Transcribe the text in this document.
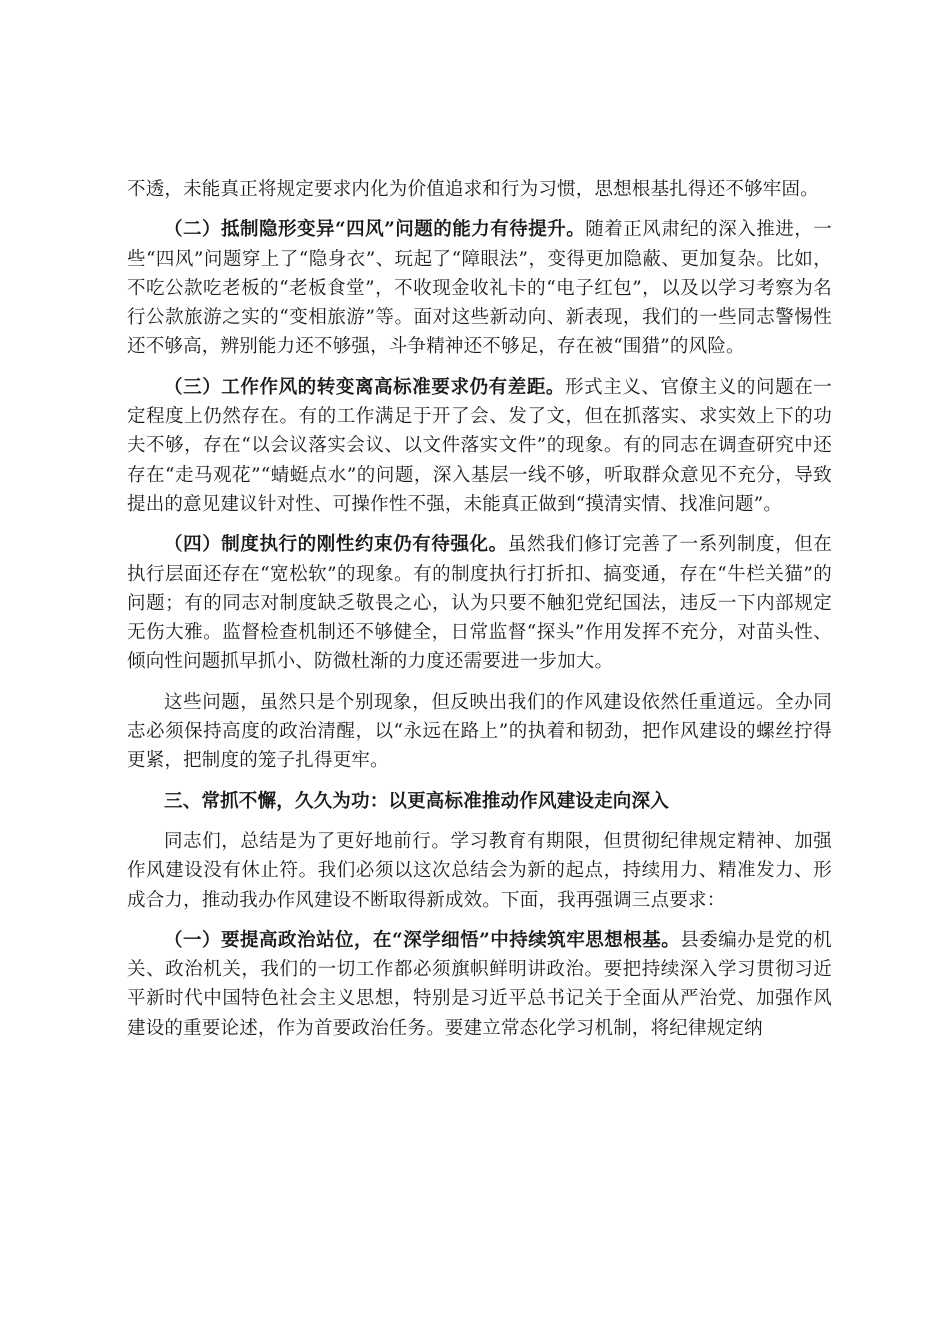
不透，未能真正将规定要求内化为价值追求和行为习惯，思想根基扎得还不够牢固。

（二）抵制隐形变异“四风”问题的能力有待提升。随着正风肃纪的深入推进，一些“四风”问题穿上了“隐身衣”、玩起了“障眼法”，变得更加隐蔽、更加复杂。比如，不吃公款吃老板的“老板食堂”，不收现金收礼卡的“电子红包”，以及以学习考察为名行公款旅游之实的“变相旅游”等。面对这些新动向、新表现，我们的一些同志警惕性还不够高，辨别能力还不够强，斗争精神还不够足，存在被“围猎”的风险。

（三）工作作风的转变离高标准要求仍有差距。形式主义、官僚主义的问题在一定程度上仍然存在。有的工作满足于开了会、发了文，但在抓落实、求实效上下的功夫不够，存在“以会议落实会议、以文件落实文件”的现象。有的同志在调查研究中还存在“走马观花”“蜻蜓点水”的问题，深入基层一线不够，听取群众意见不充分，导致提出的意见建议针对性、可操作性不强，未能真正做到“摸清实情、找准问题”。

（四）制度执行的刚性约束仍有待强化。虽然我们修订完善了一系列制度，但在执行层面还存在“宽松软”的现象。有的制度执行打折扣、搞变通，存在“牛栏关猫”的问题；有的同志对制度缺乏敬畏之心，认为只要不触犯党纪国法，违反一下内部规定无伤大雅。监督检查机制还不够健全，日常监督“探头”作用发挥不充分，对苗头性、倾向性问题抓早抓小、防微杜渐的力度还需要进一步加大。

这些问题，虽然只是个别现象，但反映出我们的作风建设依然任重道远。全办同志必须保持高度的政治清醒，以“永远在路上”的执着和韧劲，把作风建设的螺丝拧得更紧，把制度的笼子扎得更牢。

三、常抓不懈，久久为功：以更高标准推动作风建设走向深入

同志们，总结是为了更好地前行。学习教育有期限，但贯彻纪律规定精神、加强作风建设没有休止符。我们必须以这次总结会为新的起点，持续用力、精准发力、形成合力，推动我办作风建设不断取得新成效。下面，我再强调三点要求：

（一）要提高政治站位，在“深学细悟”中持续筑牢思想根基。县委编办是党的机关、政治机关，我们的一切工作都必须旗帜鲜明讲政治。要把持续深入学习贯彻习近平新时代中国特色社会主义思想，特别是习近平总书记关于全面从严治党、加强作风建设的重要论述，作为首要政治任务。要建立常态化学习机制，将纪律规定纳
